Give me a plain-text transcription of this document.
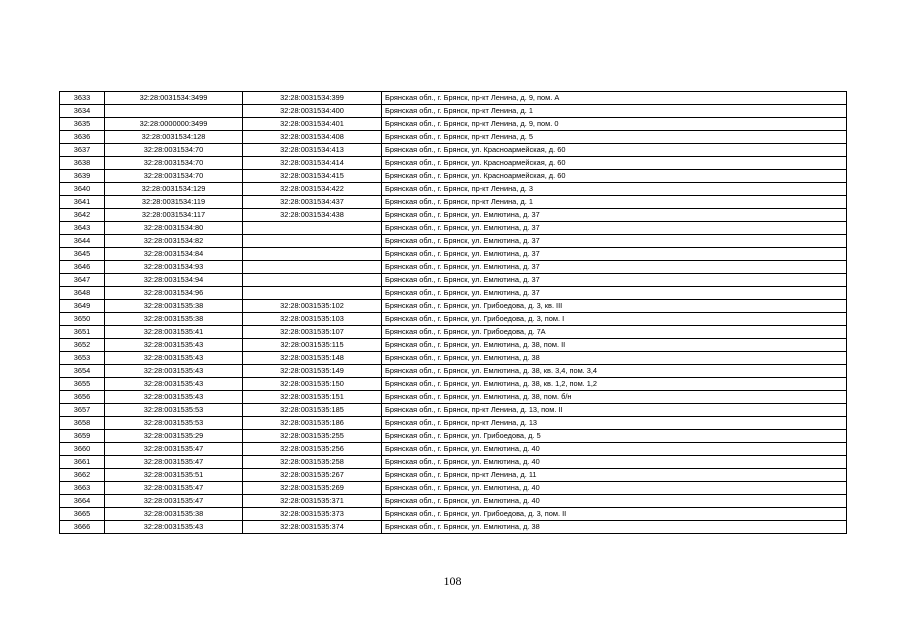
3633	32:28:0031534:3499	32:28:0031534:399	Брянская обл., г. Брянск, пр-кт Ленина, д. 9, пом. А
3634		32:28:0031534:400	Брянская обл., г. Брянск, пр-кт Ленина, д. 1
3635	32:28:0000000:3499	32:28:0031534:401	Брянская обл., г. Брянск, пр-кт Ленина, д. 9, пом. 0
3636	32:28:0031534:128	32:28:0031534:408	Брянская обл., г. Брянск, пр-кт Ленина, д. 5
3637	32:28:0031534:70	32:28:0031534:413	Брянская обл., г. Брянск, ул. Красноармейская, д. 60
3638	32:28:0031534:70	32:28:0031534:414	Брянская обл., г. Брянск, ул. Красноармейская, д. 60
3639	32:28:0031534:70	32:28:0031534:415	Брянская обл., г. Брянск, ул. Красноармейская, д. 60
3640	32:28:0031534:129	32:28:0031534:422	Брянская обл., г. Брянск, пр-кт Ленина, д. 3
3641	32:28:0031534:119	32:28:0031534:437	Брянская обл., г. Брянск, пр-кт Ленина, д. 1
3642	32:28:0031534:117	32:28:0031534:438	Брянская обл., г. Брянск, ул. Емлютина, д. 37
3643	32:28:0031534:80		Брянская обл., г. Брянск, ул. Емлютина, д. 37
3644	32:28:0031534:82		Брянская обл., г. Брянск, ул. Емлютина, д. 37
3645	32:28:0031534:84		Брянская обл., г. Брянск, ул. Емлютина, д. 37
3646	32:28:0031534:93		Брянская обл., г. Брянск, ул. Емлютина, д. 37
3647	32:28:0031534:94		Брянская обл., г. Брянск, ул. Емлютина, д. 37
3648	32:28:0031534:96		Брянская обл., г. Брянск, ул. Емлютина, д. 37
3649	32:28:0031535:38	32:28:0031535:102	Брянская обл., г. Брянск, ул. Грибоедова, д. 3, кв. III
3650	32:28:0031535:38	32:28:0031535:103	Брянская обл., г. Брянск, ул. Грибоедова, д. 3, пом. I
3651	32:28:0031535:41	32:28:0031535:107	Брянская обл., г. Брянск, ул. Грибоедова, д. 7А
3652	32:28:0031535:43	32:28:0031535:115	Брянская обл., г. Брянск, ул. Емлютина, д. 38, пом. II
3653	32:28:0031535:43	32:28:0031535:148	Брянская обл., г. Брянск, ул. Емлютина, д. 38
3654	32:28:0031535:43	32:28:0031535:149	Брянская обл., г. Брянск, ул. Емлютина, д. 38, кв. 3,4, пом. 3,4
3655	32:28:0031535:43	32:28:0031535:150	Брянская обл., г. Брянск, ул. Емлютина, д. 38, кв. 1,2, пом. 1,2
3656	32:28:0031535:43	32:28:0031535:151	Брянская обл., г. Брянск, ул. Емлютина, д. 38, пом. б/н
3657	32:28:0031535:53	32:28:0031535:185	Брянская обл., г. Брянск, пр-кт Ленина, д. 13, пом. II
3658	32:28:0031535:53	32:28:0031535:186	Брянская обл., г. Брянск, пр-кт Ленина, д. 13
3659	32:28:0031535:29	32:28:0031535:255	Брянская обл., г. Брянск, ул. Грибоедова, д. 5
3660	32:28:0031535:47	32:28:0031535:256	Брянская обл., г. Брянск, ул. Емлютина, д. 40
3661	32:28:0031535:47	32:28:0031535:258	Брянская обл., г. Брянск, ул. Емлютина, д. 40
3662	32:28:0031535:51	32:28:0031535:267	Брянская обл., г. Брянск, пр-кт Ленина, д. 11
3663	32:28:0031535:47	32:28:0031535:269	Брянская обл., г. Брянск, ул. Емлютина, д. 40
3664	32:28:0031535:47	32:28:0031535:371	Брянская обл., г. Брянск, ул. Емлютина, д. 40
3665	32:28:0031535:38	32:28:0031535:373	Брянская обл., г. Брянск, ул. Грибоедова, д. 3, пом. II
3666	32:28:0031535:43	32:28:0031535:374	Брянская обл., г. Брянск, ул. Емлютина, д. 38
108
